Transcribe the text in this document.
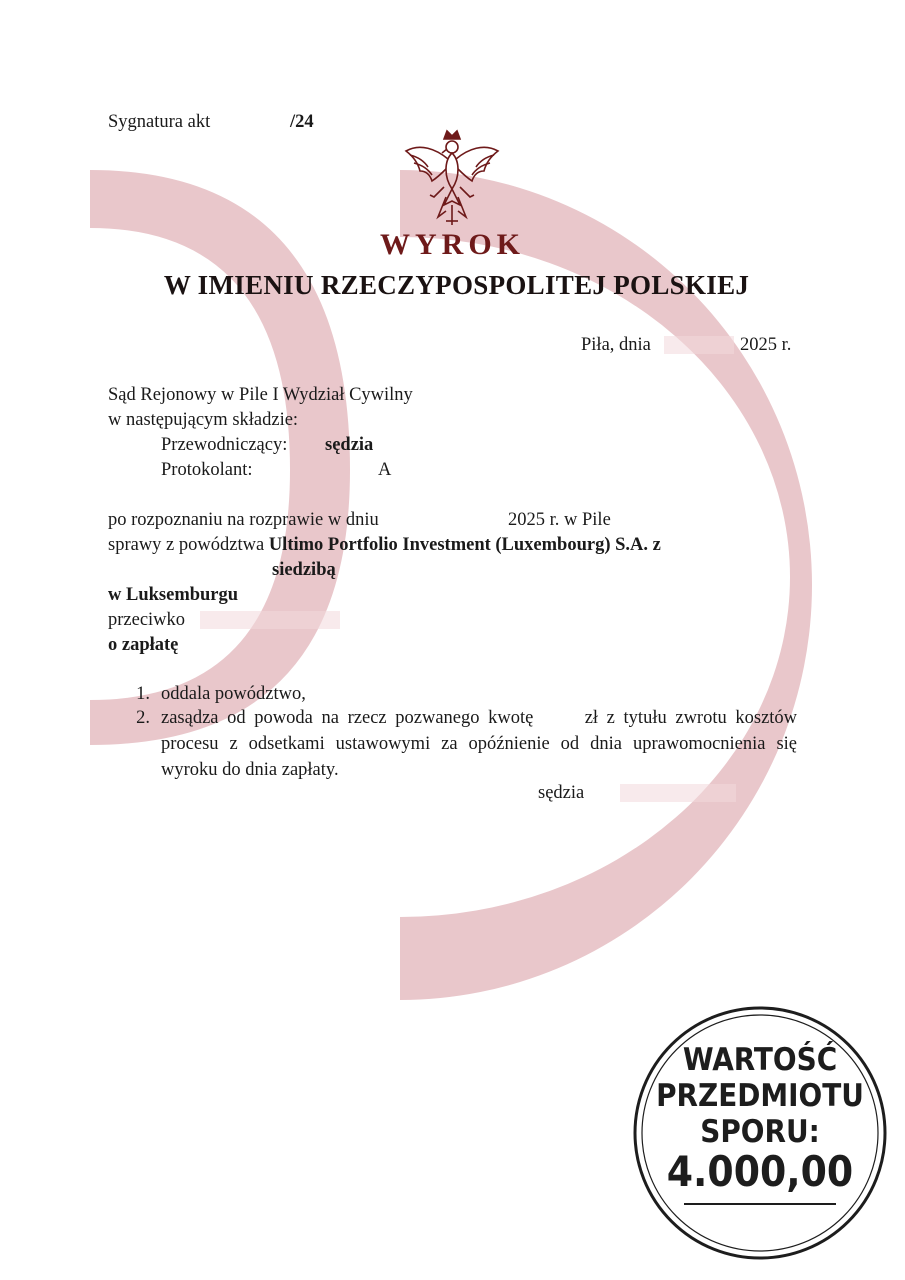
Sygnatura akt	/24
WYROK
W IMIENIU RZECZYPOSPOLITEJ POLSKIEJ
Piła, dnia	2025 r.
Sąd Rejonowy w Pile I Wydział Cywilny
w następującym składzie:
Przewodniczący: sędzia
Protokolant:	A
po rozpoznaniu na rozprawie w dniu	2025 r. w Pile
sprawy z powództwa Ultimo Portfolio Investment (Luxembourg) S.A. z
siedzibą
w Luksemburgu
przeciwko
o zapłatę
1. oddala powództwo,
2. zasądza od powoda na rzecz pozwanego kwotę	zł z tytułu zwrotu kosztów procesu z odsetkami ustawowymi za opóźnienie od dnia uprawomocnienia się wyroku do dnia zapłaty.
sędzia
WARTOŚĆ
PRZEDMIOTU
SPORU:
4.000,00
